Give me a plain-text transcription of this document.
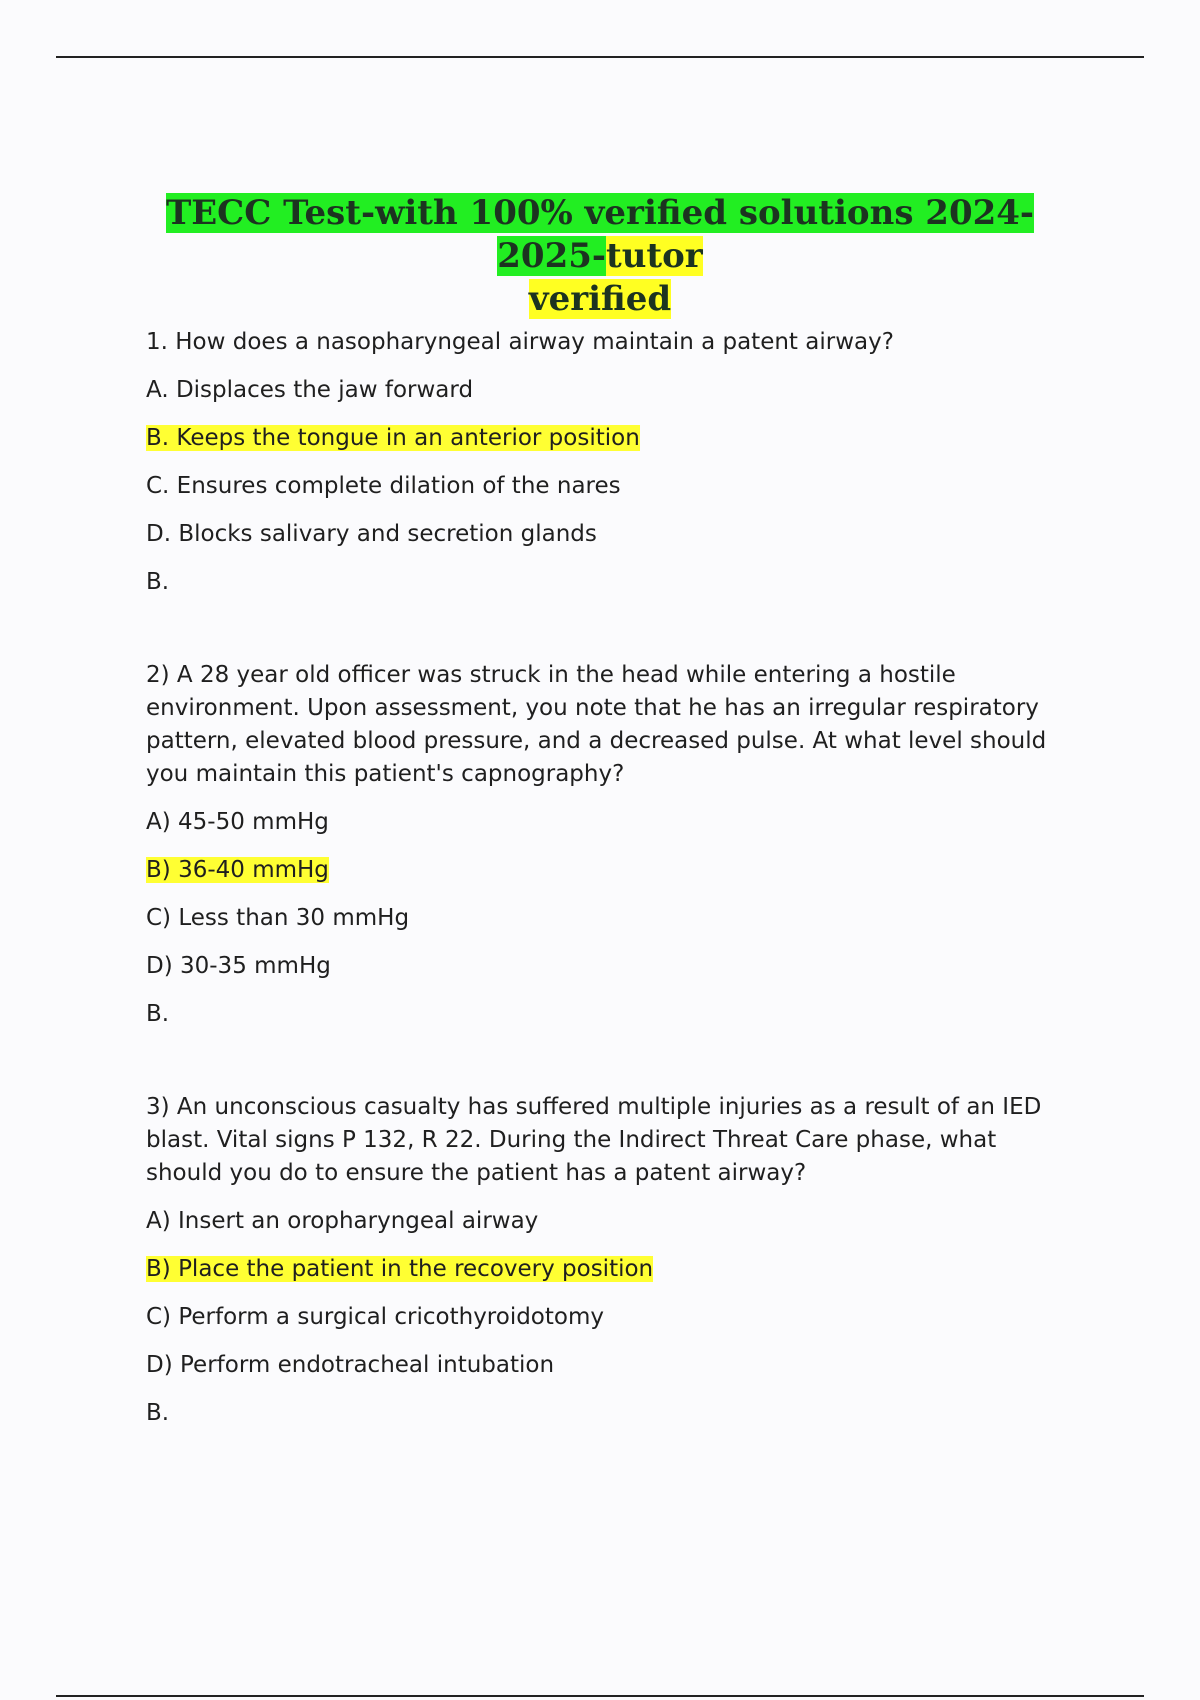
TECC Test-with 100% verified solutions 2024-2025-tutor
verified
1. How does a nasopharyngeal airway maintain a patent airway?
A. Displaces the jaw forward
B. Keeps the tongue in an anterior position
C. Ensures complete dilation of the nares
D. Blocks salivary and secretion glands
B.
2) A 28 year old officer was struck in the head while entering a hostile environment. Upon assessment, you note that he has an irregular respiratory pattern, elevated blood pressure, and a decreased pulse. At what level should you maintain this patient's capnography?
A) 45-50 mmHg
B) 36-40 mmHg
C) Less than 30 mmHg
D) 30-35 mmHg
B.
3) An unconscious casualty has suffered multiple injuries as a result of an IED blast. Vital signs P 132, R 22. During the Indirect Threat Care phase, what should you do to ensure the patient has a patent airway?
A) Insert an oropharyngeal airway
B) Place the patient in the recovery position
C) Perform a surgical cricothyroidotomy
D) Perform endotracheal intubation
B.
